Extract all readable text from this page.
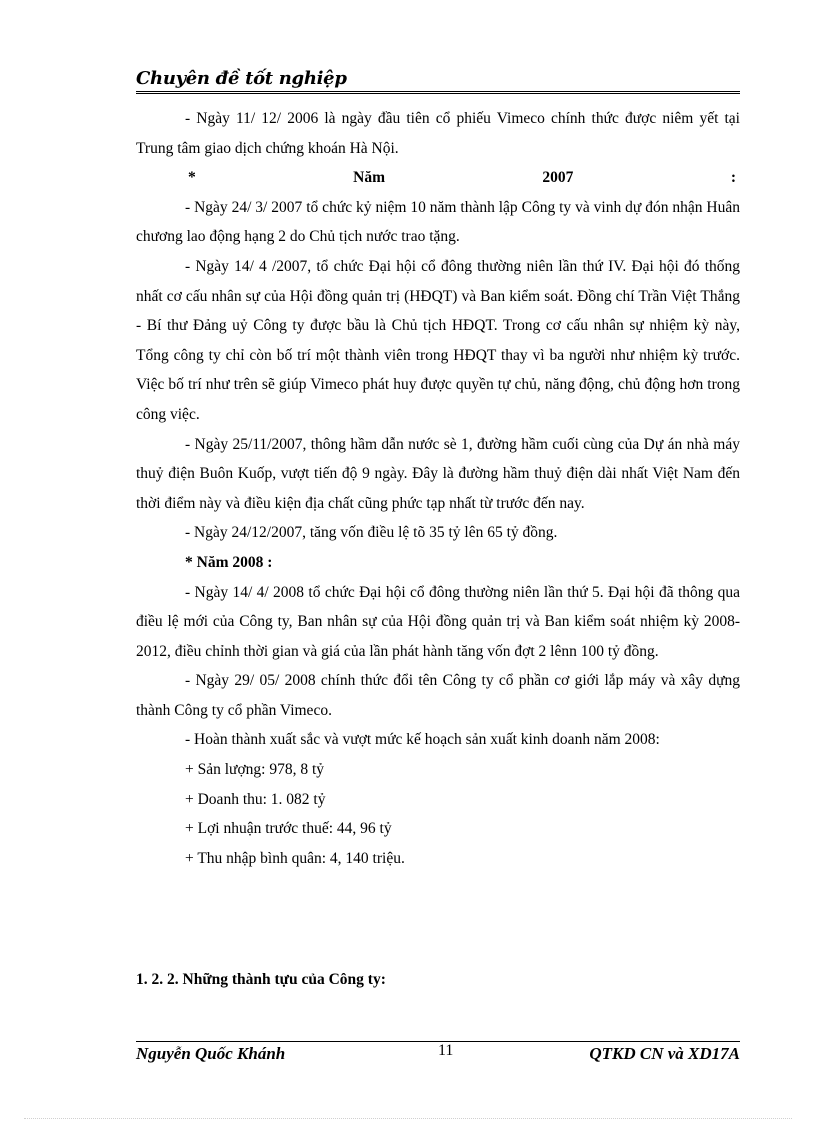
Chuyên đề tốt nghiệp

- Ngày 11/ 12/ 2006 là ngày đầu tiên cổ phiếu Vimeco chính thức được niêm yết tại Trung tâm giao dịch chứng khoán Hà Nội.

*	Năm	2007	:

- Ngày 24/ 3/ 2007 tổ chức kỷ niệm 10 năm thành lập Công ty và vinh dự đón nhận Huân chương lao động hạng 2 do Chủ tịch nước trao tặng.

- Ngày 14/ 4 /2007, tổ chức Đại hội cổ đông thường niên lần thứ IV. Đại hội đó thống nhất cơ cấu nhân sự của Hội đồng quản trị (HĐQT) và Ban kiểm soát. Đồng chí Trần Việt Thắng - Bí thư Đảng uỷ Công ty được bầu là Chủ tịch HĐQT. Trong cơ cấu nhân sự nhiệm kỳ này, Tổng công ty chỉ còn bố trí một thành viên trong HĐQT thay vì ba người như nhiệm kỳ trước. Việc bố trí như trên sẽ giúp Vimeco phát huy được quyền tự chủ, năng động, chủ động hơn trong công việc.

- Ngày 25/11/2007, thông hầm dẫn nước sè 1, đường hầm cuối cùng của Dự án nhà máy thuỷ điện Buôn Kuốp, vượt tiến độ 9 ngày. Đây là đường hầm thuỷ điện dài nhất Việt Nam đến thời điểm này và điều kiện địa chất cũng phức tạp nhất từ trước đến nay.

- Ngày 24/12/2007, tăng vốn điều lệ tõ 35 tỷ lên 65 tỷ đồng.

* Năm 2008 :

- Ngày 14/ 4/ 2008 tổ chức Đại hội cổ đông thường niên lần thứ 5. Đại hội đã thông qua điều lệ mới của Công ty, Ban nhân sự của Hội đồng quản trị và Ban kiểm soát nhiệm kỳ 2008-2012, điều chỉnh thời gian và giá của lần phát hành tăng vốn đợt 2 lênn 100 tỷ đồng.

- Ngày 29/ 05/ 2008 chính thức đổi tên Công ty cổ phần cơ giới lắp máy và xây dựng thành Công ty cổ phần Vimeco.

- Hoàn thành xuất sắc và vượt mức kế hoạch sản xuất kinh doanh năm 2008:

+ Sản lượng: 978, 8 tỷ

+ Doanh thu: 1. 082 tỷ

+ Lợi nhuận trước thuế: 44, 96 tỷ

+ Thu nhập bình quân: 4, 140 triệu.

1. 2. 2. Những thành tựu của Công ty:
Nguyễn Quốc Khánh	11	QTKD CN và XD17A
